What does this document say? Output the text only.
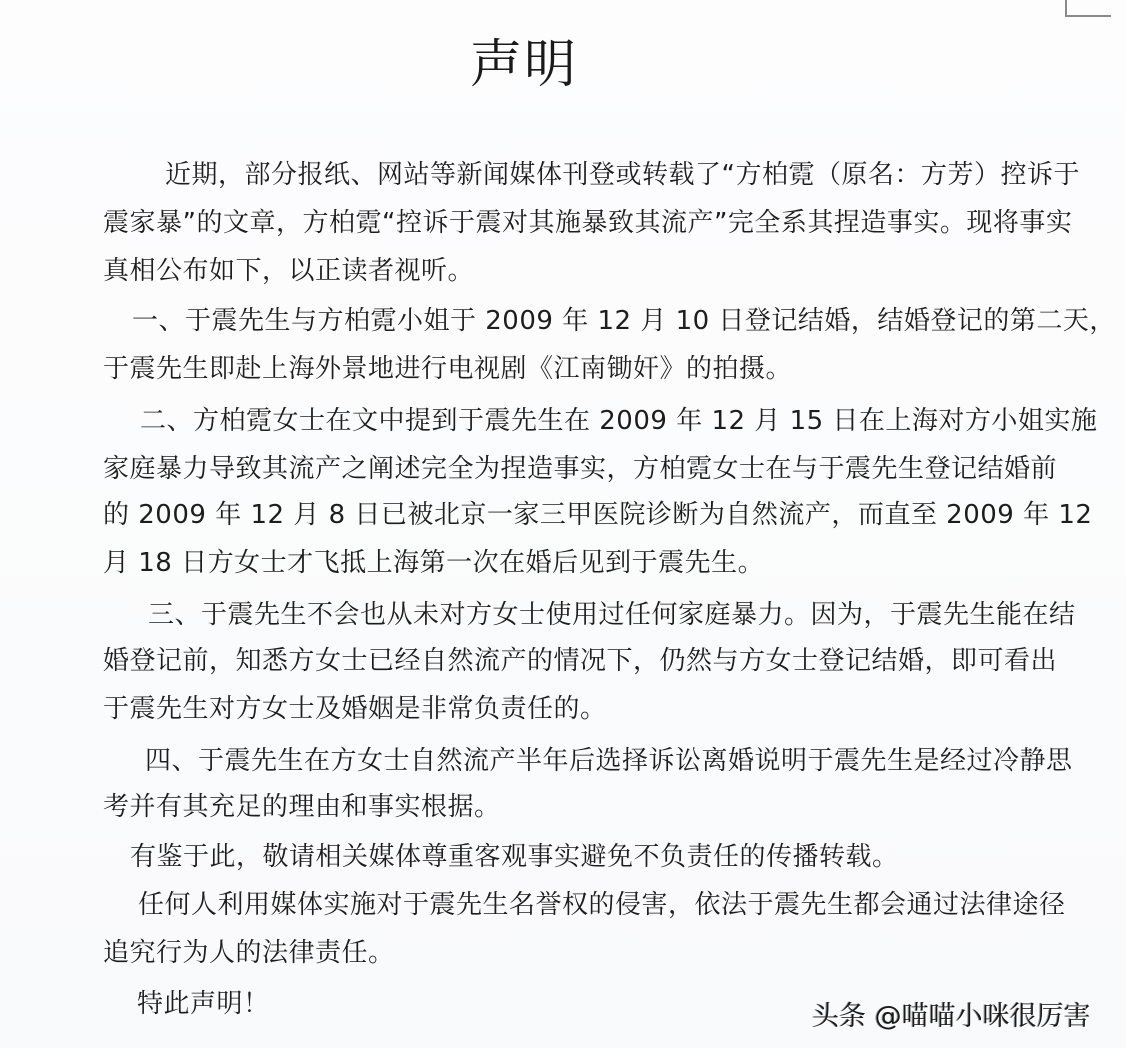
声明
近期，部分报纸、网站等新闻媒体刊登或转载了“方柏霓（原名：方芳）控诉于
震家暴”的文章，方柏霓“控诉于震对其施暴致其流产”完全系其捏造事实。现将事实
真相公布如下，以正读者视听。
一、于震先生与方柏霓小姐于 2009 年 12 月 10 日登记结婚，结婚登记的第二天，
于震先生即赴上海外景地进行电视剧《江南锄奸》的拍摄。
二、方柏霓女士在文中提到于震先生在 2009 年 12 月 15 日在上海对方小姐实施
家庭暴力导致其流产之阐述完全为捏造事实，方柏霓女士在与于震先生登记结婚前
的 2009 年 12 月 8 日已被北京一家三甲医院诊断为自然流产，而直至 2009 年 12
月 18 日方女士才飞抵上海第一次在婚后见到于震先生。
三、于震先生不会也从未对方女士使用过任何家庭暴力。因为，于震先生能在结
婚登记前，知悉方女士已经自然流产的情况下，仍然与方女士登记结婚，即可看出
于震先生对方女士及婚姻是非常负责任的。
四、于震先生在方女士自然流产半年后选择诉讼离婚说明于震先生是经过冷静思
考并有其充足的理由和事实根据。
有鉴于此，敬请相关媒体尊重客观事实避免不负责任的传播转载。
任何人利用媒体实施对于震先生名誉权的侵害，依法于震先生都会通过法律途径
追究行为人的法律责任。
特此声明！	头条 @喵喵小咪很厉害
